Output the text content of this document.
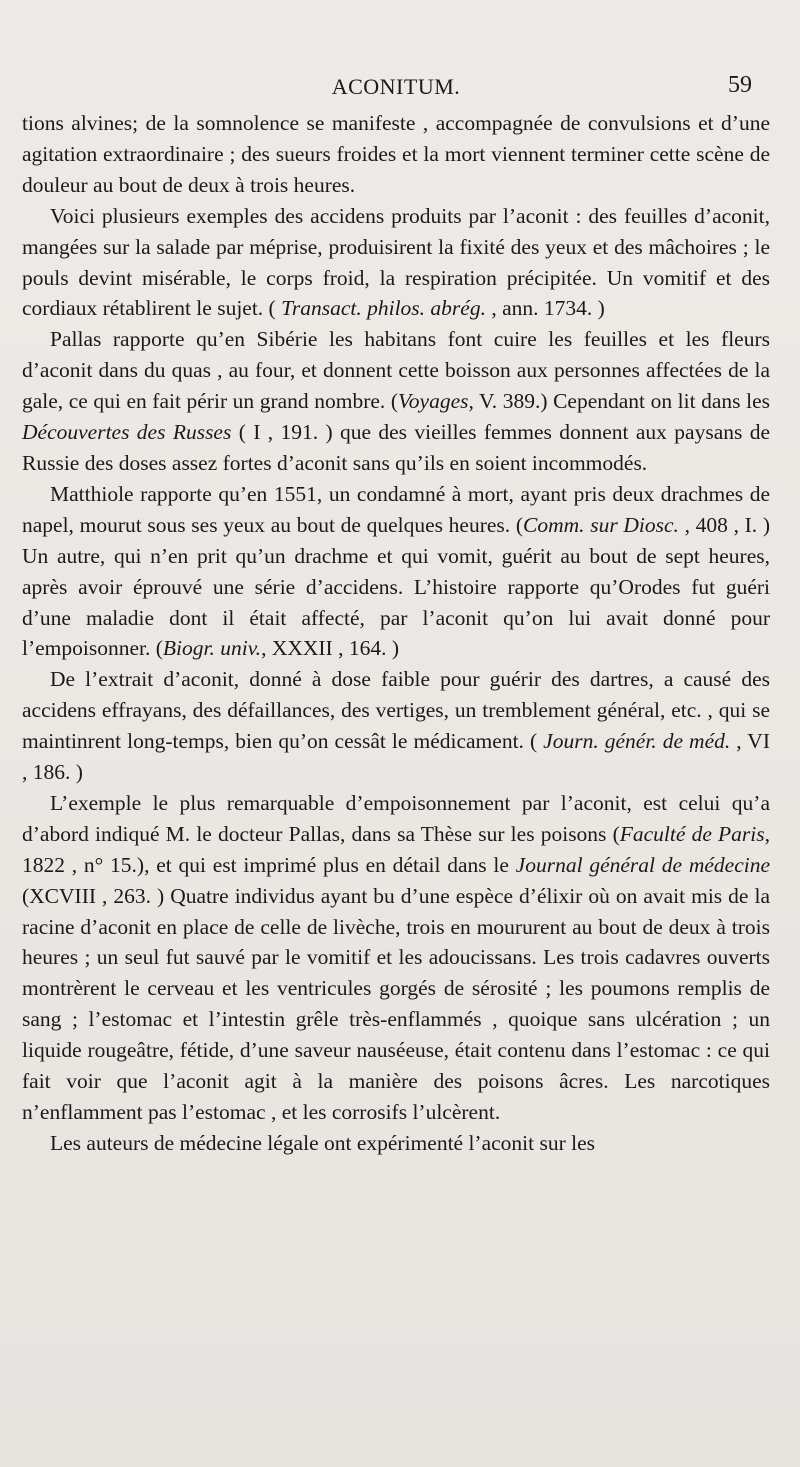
ACONITUM.	59

tions alvines; de la somnolence se manifeste , accompagnée de convulsions et d’une agitation extraordinaire ; des sueurs froides et la mort viennent terminer cette scène de douleur au bout de deux à trois heures.

Voici plusieurs exemples des accidens produits par l’aconit : des feuilles d’aconit, mangées sur la salade par méprise, produisirent la fixité des yeux et des mâchoires ; le pouls devint misérable, le corps froid, la respiration précipitée. Un vomitif et des cordiaux rétablirent le sujet. ( Transact. philos. abrég. , ann. 1734. )

Pallas rapporte qu’en Sibérie les habitans font cuire les feuilles et les fleurs d’aconit dans du quas , au four, et donnent cette boisson aux personnes affectées de la gale, ce qui en fait périr un grand nombre. (Voyages, V. 389.) Cependant on lit dans les Découvertes des Russes ( I , 191. ) que des vieilles femmes donnent aux paysans de Russie des doses assez fortes d’aconit sans qu’ils en soient incommodés.

Matthiole rapporte qu’en 1551, un condamné à mort, ayant pris deux drachmes de napel, mourut sous ses yeux au bout de quelques heures. (Comm. sur Diosc. , 408 , I. ) Un autre, qui n’en prit qu’un drachme et qui vomit, guérit au bout de sept heures, après avoir éprouvé une série d’accidens. L’histoire rapporte qu’Orodes fut guéri d’une maladie dont il était affecté, par l’aconit qu’on lui avait donné pour l’empoisonner. (Biogr. univ., XXXII , 164. )

De l’extrait d’aconit, donné à dose faible pour guérir des dartres, a causé des accidens effrayans, des défaillances, des vertiges, un tremblement général, etc. , qui se maintinrent long-temps, bien qu’on cessât le médicament. ( Journ. génér. de méd. , VI , 186. )

L’exemple le plus remarquable d’empoisonnement par l’aconit, est celui qu’a d’abord indiqué M. le docteur Pallas, dans sa Thèse sur les poisons (Faculté de Paris, 1822 , n° 15.), et qui est imprimé plus en détail dans le Journal général de médecine (XCVIII , 263. ) Quatre individus ayant bu d’une espèce d’élixir où on avait mis de la racine d’aconit en place de celle de livèche, trois en moururent au bout de deux à trois heures ; un seul fut sauvé par le vomitif et les adoucissans. Les trois cadavres ouverts montrèrent le cerveau et les ventricules gorgés de sérosité ; les poumons remplis de sang ; l’estomac et l’intestin grêle très-enflammés , quoique sans ulcération ; un liquide rougeâtre, fétide, d’une saveur nauséeuse, était contenu dans l’estomac : ce qui fait voir que l’aconit agit à la manière des poisons âcres. Les narcotiques n’enflamment pas l’estomac , et les corrosifs l’ulcèrent.

Les auteurs de médecine légale ont expérimenté l’aconit sur les
